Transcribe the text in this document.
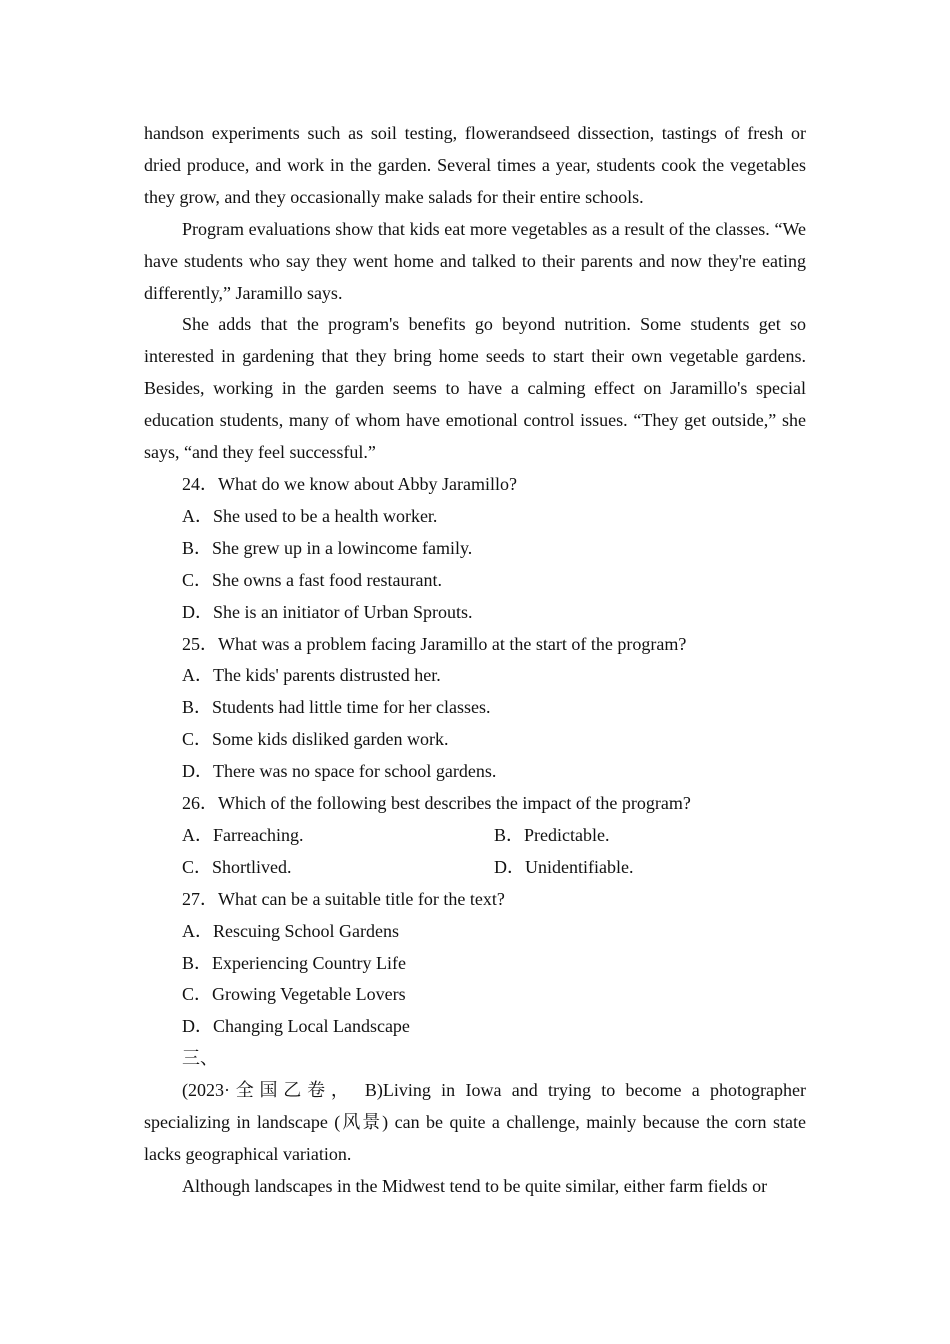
handson experiments such as soil testing, flowerandseed dissection, tastings of fresh or dried produce, and work in the garden. Several times a year, students cook the vegetables they grow, and they occasionally make salads for their entire schools.

Program evaluations show that kids eat more vegetables as a result of the classes. “We have students who say they went home and talked to their parents and now they're eating differently,” Jaramillo says.

She adds that the program's benefits go beyond nutrition. Some students get so interested in gardening that they bring home seeds to start their own vegetable gardens. Besides, working in the garden seems to have a calming effect on Jaramillo's special education students, many of whom have emotional control issues. “They get outside,” she says, “and they feel successful.”

24．What do we know about Abby Jaramillo?

A．She used to be a health worker.

B．She grew up in a lowincome family.

C．She owns a fast food restaurant.

D．She is an initiator of Urban Sprouts.

25．What was a problem facing Jaramillo at the start of the program?

A．The kids' parents distrusted her.

B．Students had little time for her classes.

C．Some kids disliked garden work.

D．There was no space for school gardens.

26．Which of the following best describes the impact of the program?

A．Farreaching.	B．Predictable.
C．Shortlived.	D．Unidentifiable.

27．What can be a suitable title for the text?

A．Rescuing School Gardens

B．Experiencing Country Life

C．Growing Vegetable Lovers

D．Changing Local Landscape

三、

(2023·全国乙卷， B)Living in Iowa and trying to become a photographer specializing in landscape (风景) can be quite a challenge, mainly because the corn state lacks geographical variation.

Although landscapes in the Midwest tend to be quite similar, either farm fields or
